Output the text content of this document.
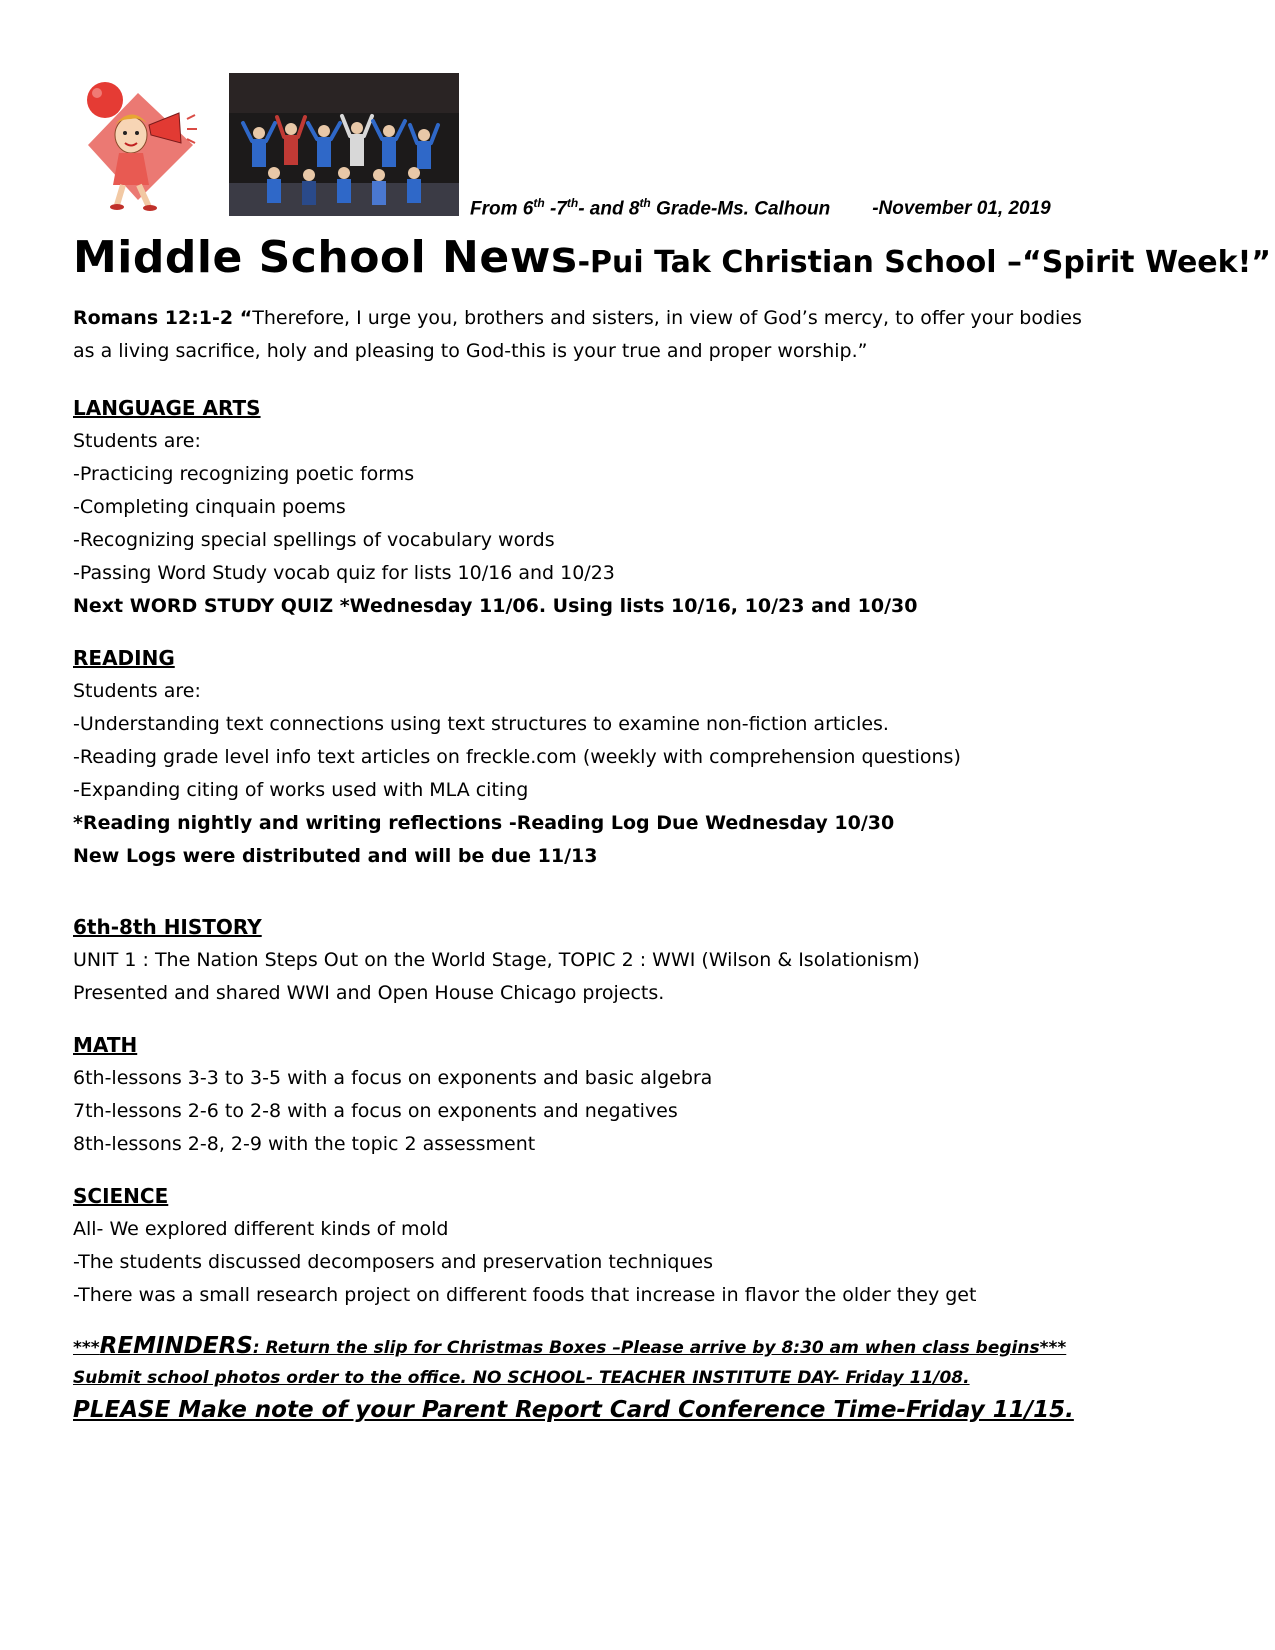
From 6th -7th- and 8th Grade-Ms. Calhoun -November 01, 2019
Middle School News-Pui Tak Christian School –“Spirit Week!”
Romans 12:1-2 “Therefore, I urge you, brothers and sisters, in view of God’s mercy, to offer your bodies
as a living sacrifice, holy and pleasing to God-this is your true and proper worship.”
LANGUAGE ARTS
Students are:
-Practicing recognizing poetic forms
-Completing cinquain poems
-Recognizing special spellings of vocabulary words
-Passing Word Study vocab quiz for lists 10/16 and 10/23
Next WORD STUDY QUIZ *Wednesday 11/06. Using lists 10/16, 10/23 and 10/30
READING
Students are:
-Understanding text connections using text structures to examine non-fiction articles.
-Reading grade level info text articles on freckle.com (weekly with comprehension questions)
-Expanding citing of works used with MLA citing
*Reading nightly and writing reflections -Reading Log Due Wednesday 10/30
New Logs were distributed and will be due 11/13
6th-8th HISTORY
UNIT 1 : The Nation Steps Out on the World Stage, TOPIC 2 : WWI (Wilson & Isolationism)
Presented and shared WWI and Open House Chicago projects.
MATH
6th-lessons 3-3 to 3-5 with a focus on exponents and basic algebra
7th-lessons 2-6 to 2-8 with a focus on exponents and negatives
8th-lessons 2-8, 2-9 with the topic 2 assessment
SCIENCE
All- We explored different kinds of mold
-The students discussed decomposers and preservation techniques
-There was a small research project on different foods that increase in flavor the older they get
***REMINDERS: Return the slip for Christmas Boxes –Please arrive by 8:30 am when class begins***
Submit school photos order to the office. NO SCHOOL- TEACHER INSTITUTE DAY- Friday 11/08.
PLEASE Make note of your Parent Report Card Conference Time-Friday 11/15.
